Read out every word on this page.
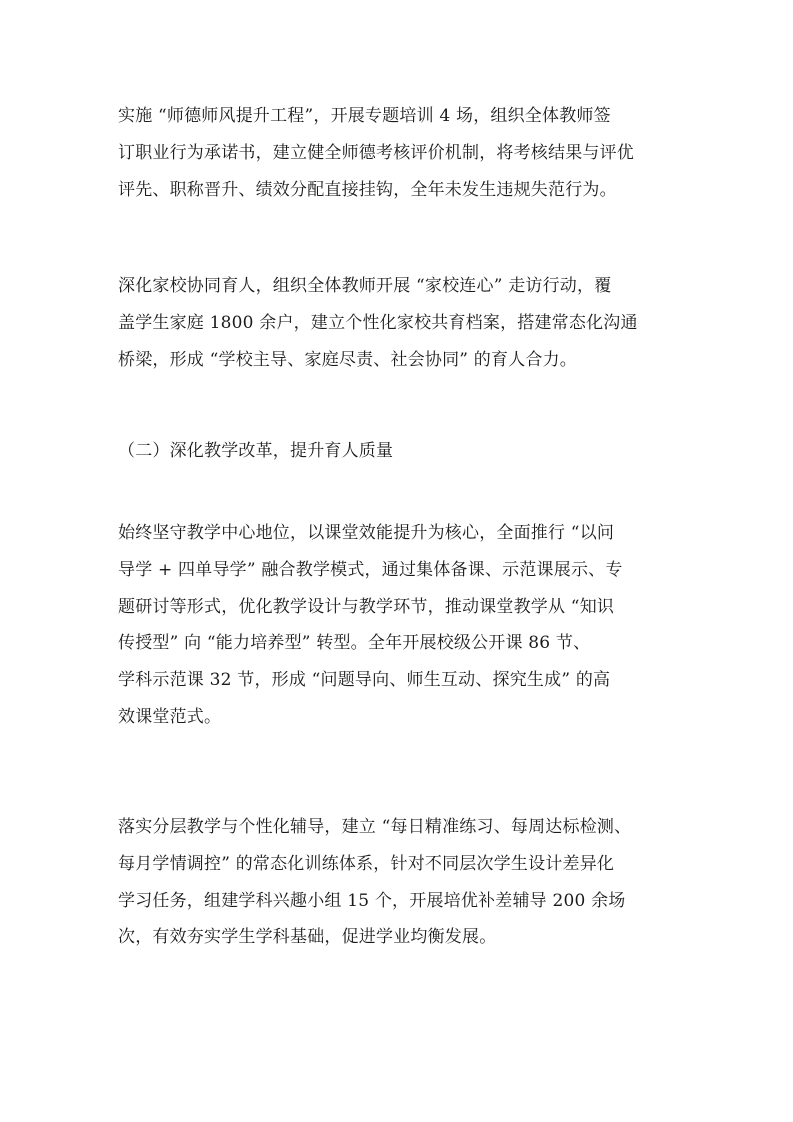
实施 “师德师风提升工程”，开展专题培训 4 场，组织全体教师签
订职业行为承诺书，建立健全师德考核评价机制，将考核结果与评优
评先、职称晋升、绩效分配直接挂钩，全年未发生违规失范行为。

深化家校协同育人，组织全体教师开展 “家校连心” 走访行动，覆
盖学生家庭 1800 余户，建立个性化家校共育档案，搭建常态化沟通
桥梁，形成 “学校主导、家庭尽责、社会协同” 的育人合力。

（二）深化教学改革，提升育人质量

始终坚守教学中心地位，以课堂效能提升为核心，全面推行 “以问
导学 + 四单导学” 融合教学模式，通过集体备课、示范课展示、专
题研讨等形式，优化教学设计与教学环节，推动课堂教学从 “知识
传授型” 向 “能力培养型” 转型。全年开展校级公开课 86 节、
学科示范课 32 节，形成 “问题导向、师生互动、探究生成” 的高
效课堂范式。

落实分层教学与个性化辅导，建立 “每日精准练习、每周达标检测、
每月学情调控” 的常态化训练体系，针对不同层次学生设计差异化
学习任务，组建学科兴趣小组 15 个，开展培优补差辅导 200 余场
次，有效夯实学生学科基础，促进学业均衡发展。
